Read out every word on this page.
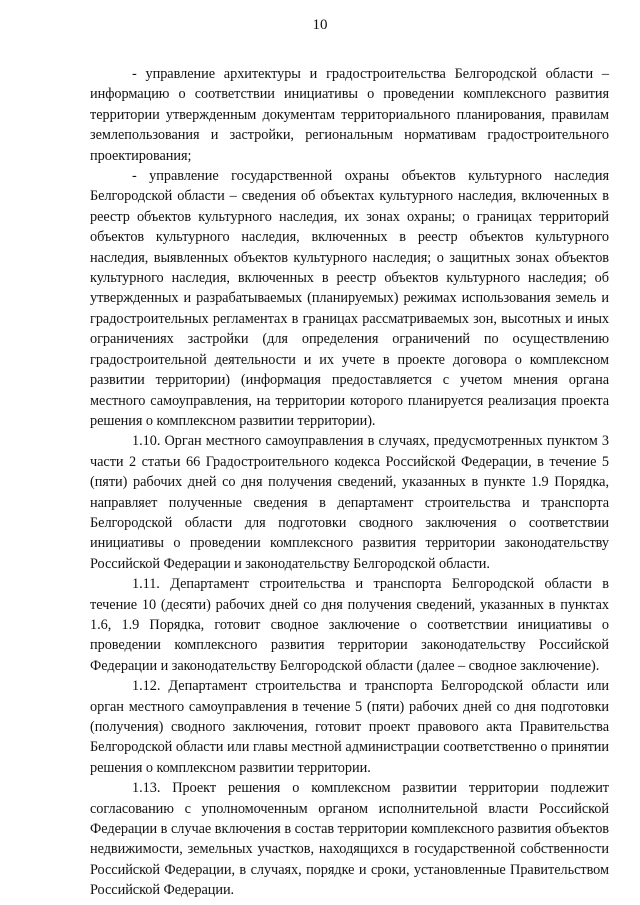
10

- управление архитектуры и градостроительства Белгородской области – информацию о соответствии инициативы о проведении комплексного развития территории утвержденным документам территориального планирования, правилам землепользования и застройки, региональным нормативам градостроительного проектирования;

- управление государственной охраны объектов культурного наследия Белгородской области – сведения об объектах культурного наследия, включенных в реестр объектов культурного наследия, их зонах охраны; о границах территорий объектов культурного наследия, включенных в реестр объектов культурного наследия, выявленных объектов культурного наследия; о защитных зонах объектов культурного наследия, включенных в реестр объектов культурного наследия; об утвержденных и разрабатываемых (планируемых) режимах использования земель и градостроительных регламентах в границах рассматриваемых зон, высотных и иных ограничениях застройки (для определения ограничений по осуществлению градостроительной деятельности и их учете в проекте договора о комплексном развитии территории) (информация предоставляется с учетом мнения органа местного самоуправления, на территории которого планируется реализация проекта решения о комплексном развитии территории).

1.10. Орган местного самоуправления в случаях, предусмотренных пунктом 3 части 2 статьи 66 Градостроительного кодекса Российской Федерации, в течение 5 (пяти) рабочих дней со дня получения сведений, указанных в пункте 1.9 Порядка, направляет полученные сведения в департамент строительства и транспорта Белгородской области для подготовки сводного заключения о соответствии инициативы о проведении комплексного развития территории законодательству Российской Федерации и законодательству Белгородской области.

1.11. Департамент строительства и транспорта Белгородской области в течение 10 (десяти) рабочих дней со дня получения сведений, указанных в пунктах 1.6, 1.9 Порядка, готовит сводное заключение о соответствии инициативы о проведении комплексного развития территории законодательству Российской Федерации и законодательству Белгородской области (далее – сводное заключение).

1.12. Департамент строительства и транспорта Белгородской области или орган местного самоуправления в течение 5 (пяти) рабочих дней со дня подготовки (получения) сводного заключения, готовит проект правового акта Правительства Белгородской области или главы местной администрации соответственно о принятии решения о комплексном развитии территории.

1.13. Проект решения о комплексном развитии территории подлежит согласованию с уполномоченным органом исполнительной власти Российской Федерации в случае включения в состав территории комплексного развития объектов недвижимости, земельных участков, находящихся в государственной собственности Российской Федерации, в случаях, порядке и сроки, установленные Правительством Российской Федерации.
